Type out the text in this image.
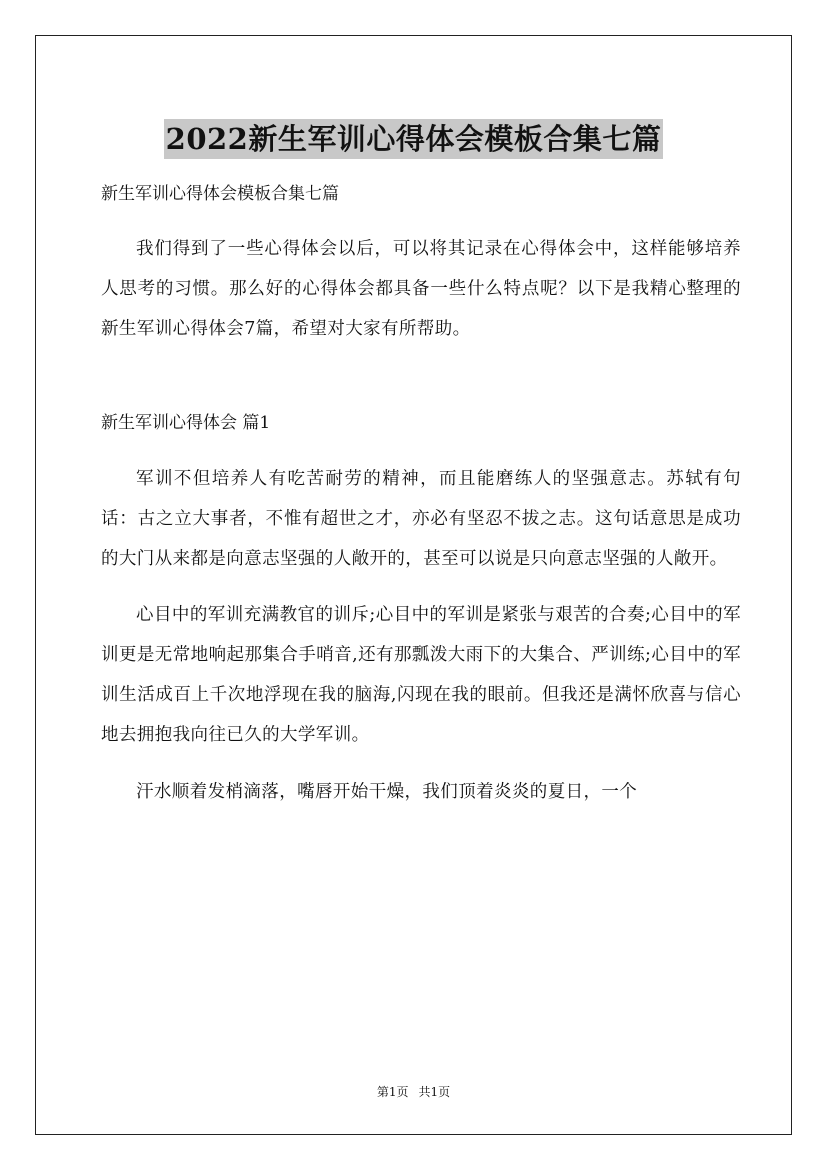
2022新生军训心得体会模板合集七篇

新生军训心得体会模板合集七篇

我们得到了一些心得体会以后，可以将其记录在心得体会中，这样能够培养人思考的习惯。那么好的心得体会都具备一些什么特点呢？以下是我精心整理的新生军训心得体会7篇，希望对大家有所帮助。

新生军训心得体会 篇1

军训不但培养人有吃苦耐劳的精神，而且能磨练人的坚强意志。苏轼有句话：古之立大事者，不惟有超世之才，亦必有坚忍不拔之志。这句话意思是成功的大门从来都是向意志坚强的人敞开的，甚至可以说是只向意志坚强的人敞开。

心目中的军训充满教官的训斥;心目中的军训是紧张与艰苦的合奏;心目中的军训更是无常地响起那集合手哨音,还有那瓢泼大雨下的大集合、严训练;心目中的军训生活成百上千次地浮现在我的脑海,闪现在我的眼前。但我还是满怀欣喜与信心地去拥抱我向往已久的大学军训。

汗水顺着发梢滴落，嘴唇开始干燥，我们顶着炎炎的夏日，一个

第1页 共1页
